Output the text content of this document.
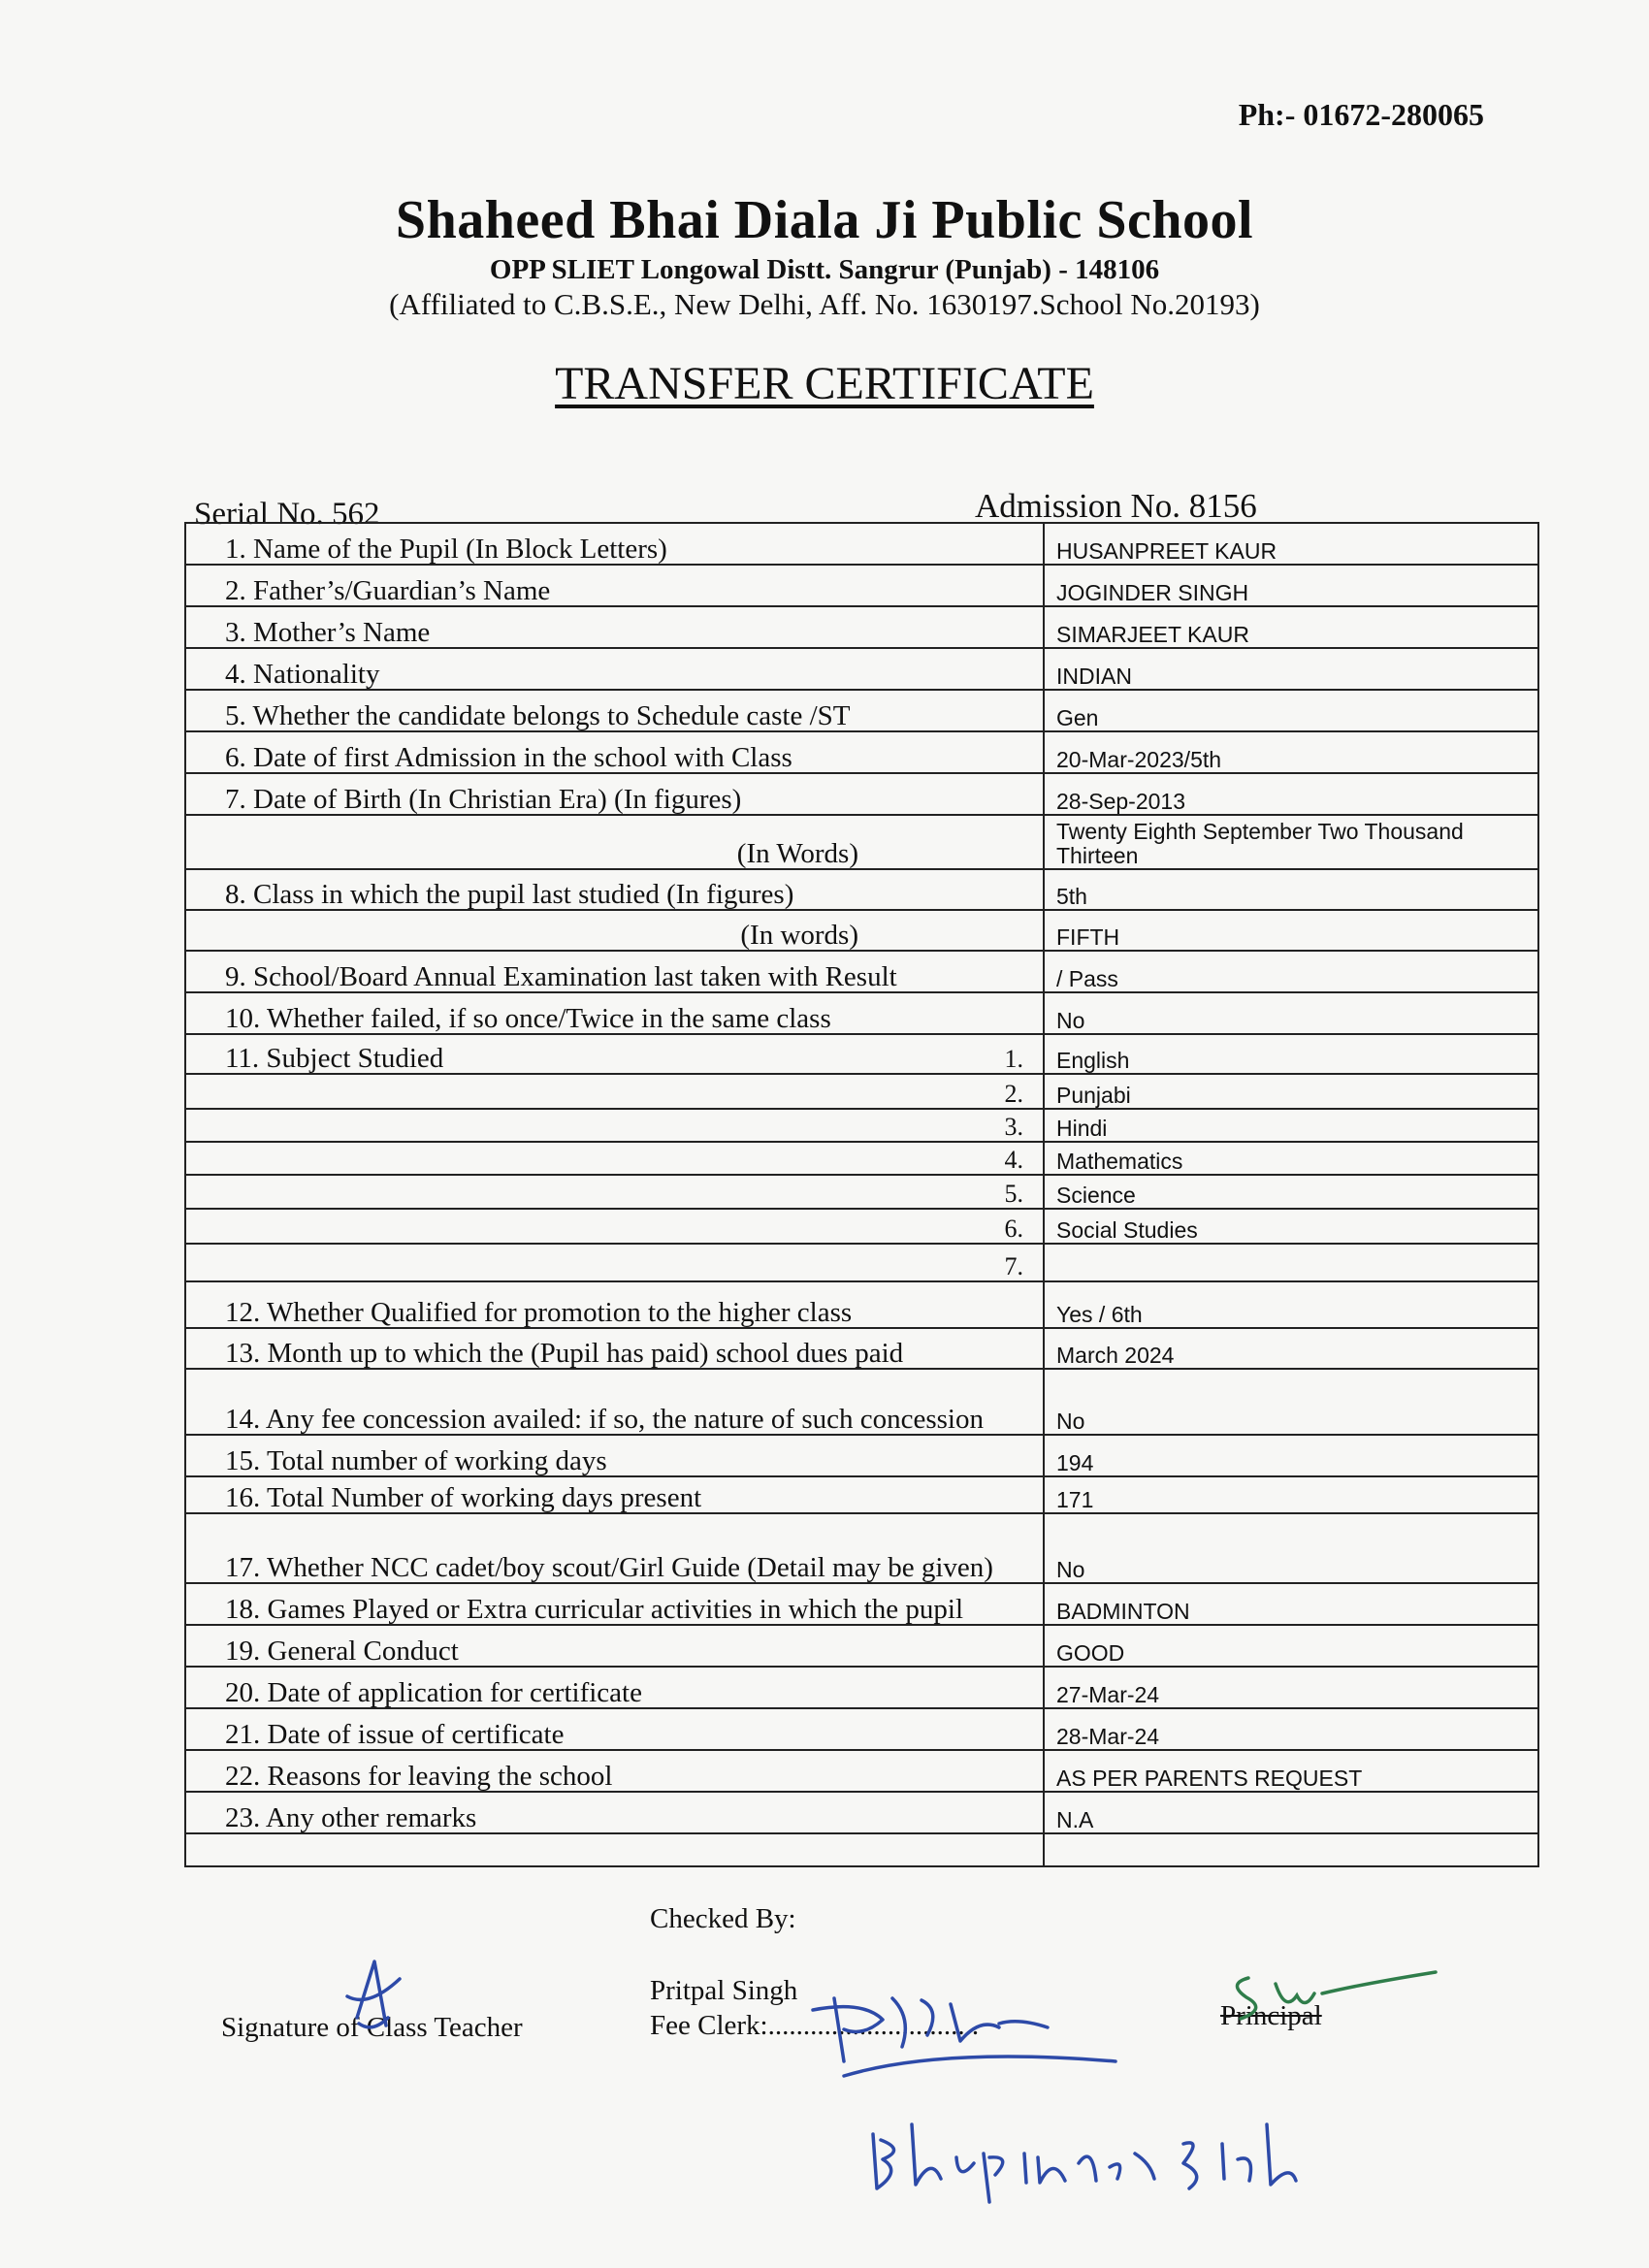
Ph:- 01672-280065
Shaheed Bhai Diala Ji Public School
OPP SLIET Longowal Distt. Sangrur (Punjab) - 148106
(Affiliated to C.B.S.E., New Delhi, Aff. No. 1630197.School No.20193)
TRANSFER CERTIFICATE
Serial No. 562	Admission No. 8156
1. Name of the Pupil (In Block Letters)	HUSANPREET KAUR
2. Father’s/Guardian’s Name	JOGINDER SINGH
3. Mother’s Name	SIMARJEET KAUR
4. Nationality	INDIAN
5. Whether the candidate belongs to Schedule caste /ST	Gen
6. Date of first Admission in the school with Class	20-Mar-2023/5th
7. Date of Birth (In Christian Era) (In figures)	28-Sep-2013
(In Words)	Twenty Eighth September Two Thousand Thirteen
8. Class in which the pupil last studied (In figures)	5th
(In words)	FIFTH
9. School/Board Annual Examination last taken with Result	/ Pass
10. Whether failed, if so once/Twice in the same class	No
11. Subject Studied 1.	English

2.	Punjabi

3.	Hindi

4.	Mathematics

5.	Science

6.	Social Studies

7.	

12. Whether Qualified for promotion to the higher class	Yes / 6th
13. Month up to which the (Pupil has paid) school dues paid	March 2024
14. Any fee concession availed: if so, the nature of such concession	No
15. Total number of working days	194
16. Total Number of working days present	171
17. Whether NCC cadet/boy scout/Girl Guide (Detail may be given)	No
18. Games Played or Extra curricular activities in which the pupil	BADMINTON
19. General Conduct	GOOD
20. Date of application for certificate	27-Mar-24
21. Date of issue of certificate	28-Mar-24
22. Reasons for leaving the school	AS PER PARENTS REQUEST
23. Any other remarks	N.A

Checked By:
Signature of Class Teacher
Pritpal Singh
Fee Clerk:..............................	Principal
